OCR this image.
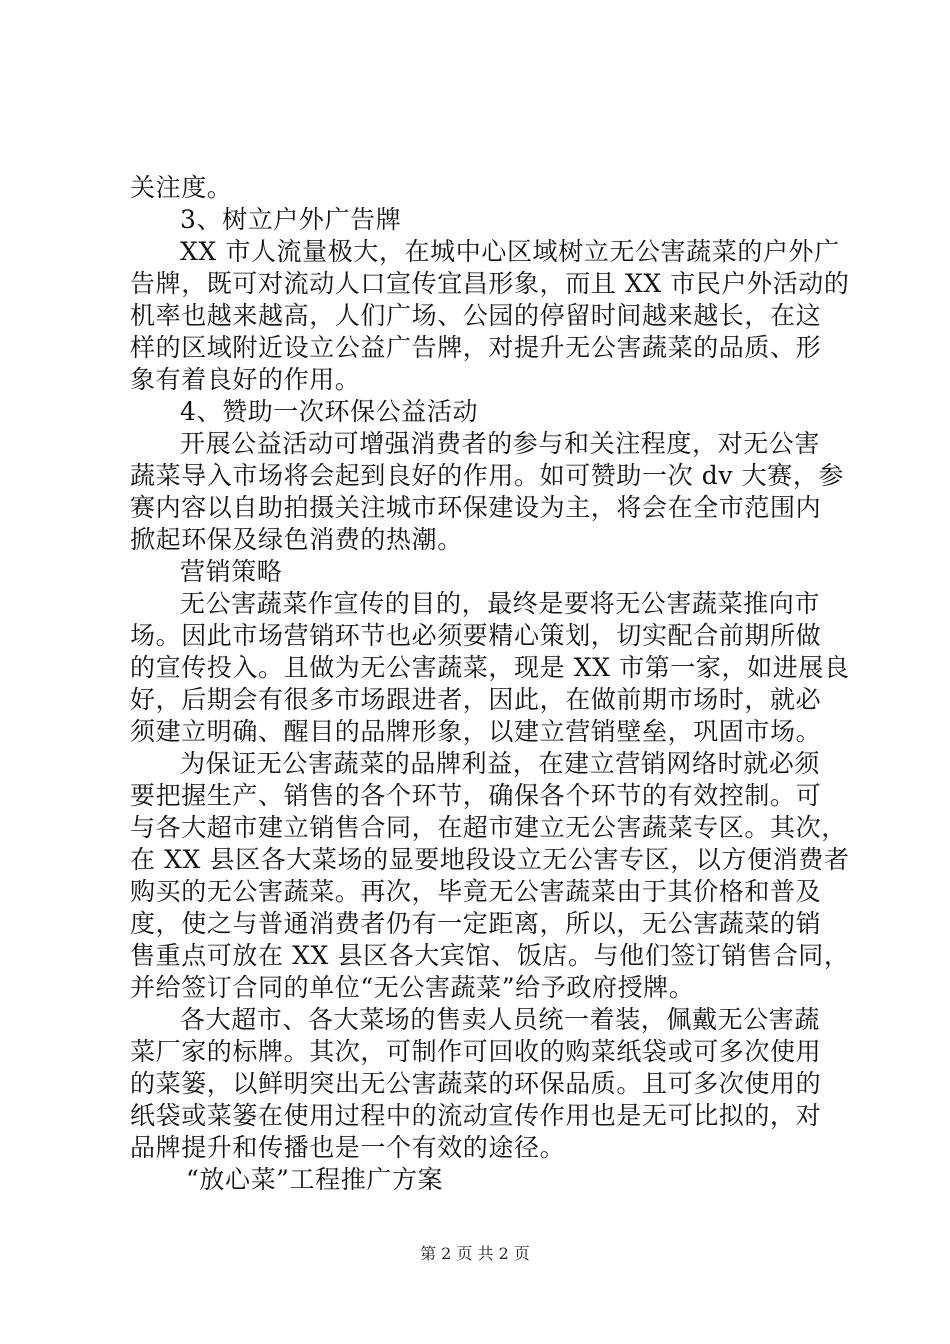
关注度。
3、树立户外广告牌
XX 市人流量极大，在城中心区域树立无公害蔬菜的户外广
告牌，既可对流动人口宣传宜昌形象，而且 XX 市民户外活动的
机率也越来越高，人们广场、公园的停留时间越来越长，在这
样的区域附近设立公益广告牌，对提升无公害蔬菜的品质、形
象有着良好的作用。
4、赞助一次环保公益活动
开展公益活动可增强消费者的参与和关注程度，对无公害
蔬菜导入市场将会起到良好的作用。如可赞助一次 dv 大赛，参
赛内容以自助拍摄关注城市环保建设为主，将会在全市范围内
掀起环保及绿色消费的热潮。
营销策略
无公害蔬菜作宣传的目的，最终是要将无公害蔬菜推向市
场。因此市场营销环节也必须要精心策划，切实配合前期所做
的宣传投入。且做为无公害蔬菜，现是 XX 市第一家，如进展良
好，后期会有很多市场跟进者，因此，在做前期市场时，就必
须建立明确、醒目的品牌形象，以建立营销壁垒，巩固市场。
为保证无公害蔬菜的品牌利益，在建立营销网络时就必须
要把握生产、销售的各个环节，确保各个环节的有效控制。可
与各大超市建立销售合同，在超市建立无公害蔬菜专区。其次，
在 XX 县区各大菜场的显要地段设立无公害专区，以方便消费者
购买的无公害蔬菜。再次，毕竟无公害蔬菜由于其价格和普及
度，使之与普通消费者仍有一定距离，所以，无公害蔬菜的销
售重点可放在 XX 县区各大宾馆、饭店。与他们签订销售合同，
并给签订合同的单位“无公害蔬菜”给予政府授牌。
各大超市、各大菜场的售卖人员统一着装，佩戴无公害蔬
菜厂家的标牌。其次，可制作可回收的购菜纸袋或可多次使用
的菜篓，以鲜明突出无公害蔬菜的环保品质。且可多次使用的
纸袋或菜篓在使用过程中的流动宣传作用也是无可比拟的，对
品牌提升和传播也是一个有效的途径。
“放心菜”工程推广方案
第 2 页 共 2 页
